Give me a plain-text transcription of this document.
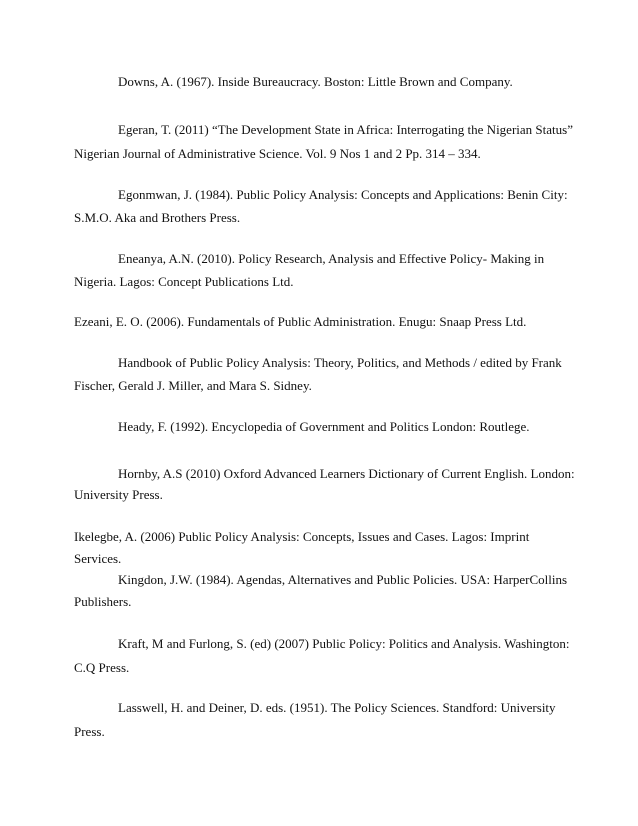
Downs, A. (1967). Inside Bureaucracy. Boston: Little Brown and Company.
Egeran, T. (2011) “The Development State in Africa: Interrogating the Nigerian Status”
Nigerian Journal of Administrative Science. Vol. 9 Nos 1 and 2 Pp. 314 – 334.
Egonmwan, J. (1984). Public Policy Analysis: Concepts and Applications: Benin City:
S.M.O. Aka and Brothers Press.
Eneanya, A.N. (2010). Policy Research, Analysis and Effective Policy- Making in
Nigeria. Lagos: Concept Publications Ltd.
Ezeani, E. O. (2006). Fundamentals of Public Administration. Enugu: Snaap Press Ltd.
Handbook of Public Policy Analysis: Theory, Politics, and Methods / edited by Frank
Fischer, Gerald J. Miller, and Mara S. Sidney.
Heady, F. (1992). Encyclopedia of Government and Politics London: Routlege.
Hornby, A.S (2010) Oxford Advanced Learners Dictionary of Current English. London:
University Press.
Ikelegbe, A. (2006) Public Policy Analysis: Concepts, Issues and Cases. Lagos: Imprint
Services.
Kingdon, J.W. (1984). Agendas, Alternatives and Public Policies. USA: HarperCollins
Publishers.
Kraft, M and Furlong, S. (ed) (2007) Public Policy: Politics and Analysis. Washington:
C.Q Press.
Lasswell, H. and Deiner, D. eds. (1951). The Policy Sciences. Standford: University
Press.
